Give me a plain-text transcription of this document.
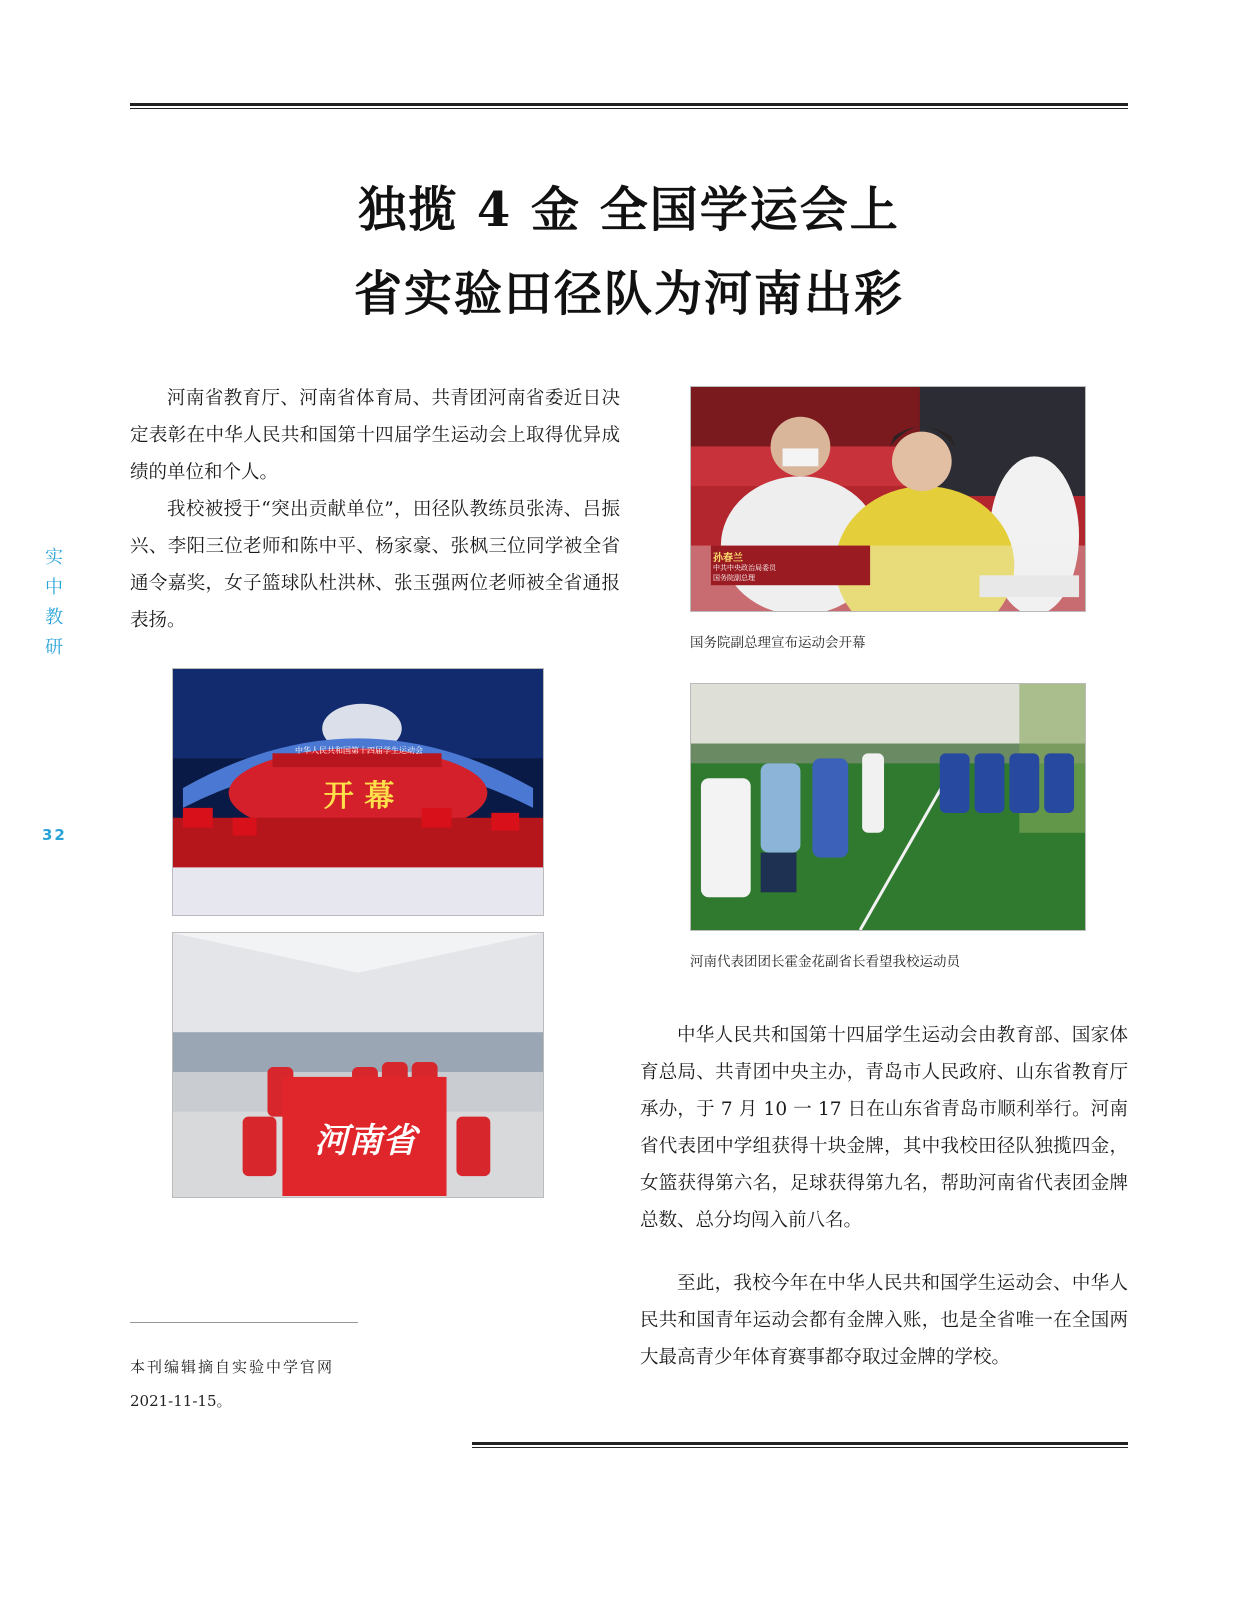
独揽 4 金 全国学运会上
省实验田径队为河南出彩
实
中
教
研
32

河南省教育厅、河南省体育局、共青团河南省委近日决定表彰在中华人民共和国第十四届学生运动会上取得优异成绩的单位和个人。

我校被授于“突出贡献单位”，田径队教练员张涛、吕振兴、李阳三位老师和陈中平、杨家豪、张枫三位同学被全省通令嘉奖，女子篮球队杜洪林、张玉强两位老师被全省通报表扬。

孙春兰
中共中央政治局委员
国务院副总理
国务院副总理宣布运动会开幕
中华人民共和国第十四届学生运动会
开 幕
河南代表团团长霍金花副省长看望我校运动员
河南省

中华人民共和国第十四届学生运动会由教育部、国家体育总局、共青团中央主办，青岛市人民政府、山东省教育厅承办，于 7 月 10 一 17 日在山东省青岛市顺利举行。河南省代表团中学组获得十块金牌，其中我校田径队独揽四金，女篮获得第六名，足球获得第九名，帮助河南省代表团金牌总数、总分均闯入前八名。

至此，我校今年在中华人民共和国学生运动会、中华人民共和国青年运动会都有金牌入账，也是全省唯一在全国两大最高青少年体育赛事都夺取过金牌的学校。

本刊编辑摘自实验中学官网
2021-11-15。
